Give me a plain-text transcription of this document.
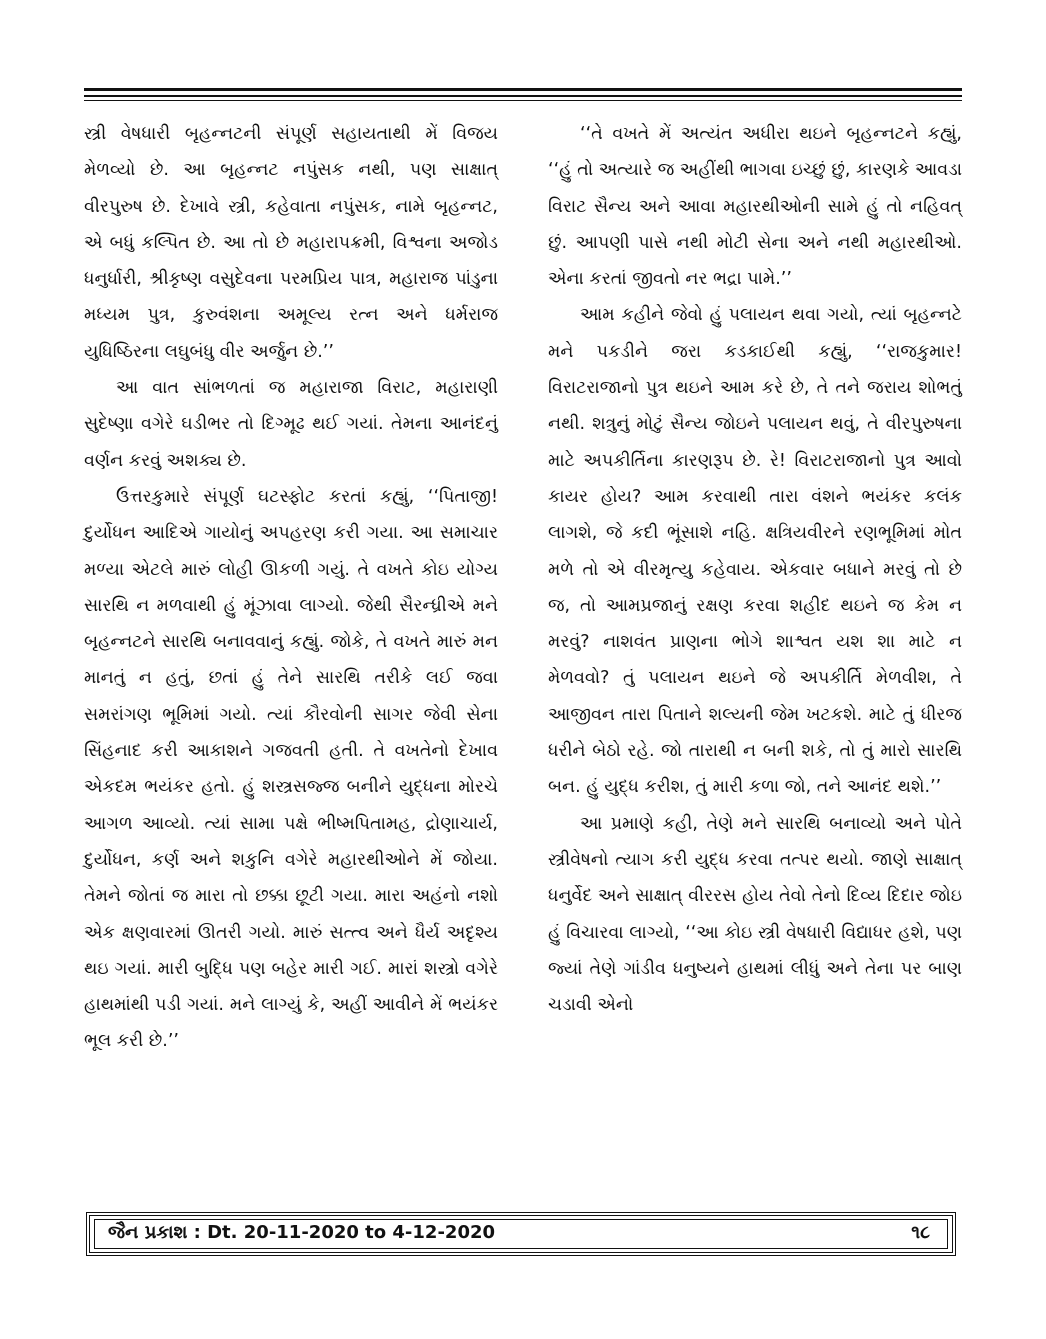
સ્ત્રી વેષધારી બૃહન્નટની સંપૂર્ણ સહાયતાથી મેં વિજય મેળવ્યો છે. આ બૃહન્નટ નપુંસક નથી, પણ સાક્ષાત્ વીરપુરુષ છે. દેખાવે સ્ત્રી, કહેવાતા નપુંસક, નામે બૃહન્નટ, એ બધું કલ્પિત છે. આ તો છે મહારાપક્રમી, વિશ્વના અજોડ ધનુર્ધારી, શ્રીકૃષ્ણ વસુદેવના પરમપ્રિય પાત્ર, મહારાજ પાંડુના મધ્યમ પુત્ર, કુરુવંશના અમૂલ્ય રત્ન અને ધર્મરાજ યુધિષ્ઠિરના લઘુબંધુ વીર અર્જુન છે.’’

આ વાત સાંભળતાં જ મહારાજા વિરાટ, મહારાણી સુદેષ્ણા વગેરે ઘડીભર તો દિગ્મૂઢ થઈ ગયાં. તેમના આનંદનું વર્ણન કરવું અશક્ય છે.

ઉત્તરકુમારે સંપૂર્ણ ઘટસ્ફોટ કરતાં કહ્યું, ‘‘પિતાજી! દુર્યોધન આદિએ ગાયોનું અપહરણ કરી ગયા. આ સમાચાર મળ્યા એટલે મારું લોહી ઊકળી ગયું. તે વખતે કોઇ યોગ્ય સારથિ ન મળવાથી હું મૂંઝાવા લાગ્યો. જેથી સૈરન્ધ્રીએ મને બૃહન્નટને સારથિ બનાવવાનું કહ્યું. જોકે, તે વખતે મારું મન માનતું ન હતું, છતાં હું તેને સારથિ તરીકે લઈ જવા સમરાંગણ ભૂમિમાં ગયો. ત્યાં કૌરવોની સાગર જેવી સેના સિંહનાદ કરી આકાશને ગજવતી હતી. તે વખતેનો દેખાવ એકદમ ભયંકર હતો. હું શસ્ત્રસજ્જ બનીને યુદ્ધના મોરચે આગળ આવ્યો. ત્યાં સામા પક્ષે ભીષ્મપિતામહ, દ્રોણાચાર્ય, દુર્યોધન, કર્ણ અને શકુનિ વગેરે મહારથીઓને મેં જોયા. તેમને જોતાં જ મારા તો છક્કા છૂટી ગયા. મારા અહંનો નશો એક ક્ષણવારમાં ઊતરી ગયો. મારું સત્ત્વ અને ધૈર્ય અદૃશ્ય થઇ ગયાં. મારી બુદ્ધિ પણ બહેર મારી ગઈ. મારાં શસ્ત્રો વગેરે હાથમાંથી પડી ગયાં. મને લાગ્યું કે, અહીં આવીને મેં ભયંકર ભૂલ કરી છે.’’

‘‘તે વખતે મેં અત્યંત અધીરા થઇને બૃહન્નટને કહ્યું, ‘‘હું તો અત્યારે જ અહીંથી ભાગવા ઇચ્છું છું, કારણકે આવડા વિરાટ સૈન્ય અને આવા મહારથીઓની સામે હું તો નહિવત્ છું. આપણી પાસે નથી મોટી સેના અને નથી મહારથીઓ. એના કરતાં જીવતો નર ભદ્રા પામે.’’

આમ કહીને જેવો હું પલાયન થવા ગયો, ત્યાં બૃહન્નટે મને પકડીને જરા કડકાઈથી કહ્યું, ‘‘રાજકુમાર! વિરાટરાજાનો પુત્ર થઇને આમ કરે છે, તે તને જરાય શોભતું નથી. શત્રુનું મોટું સૈન્ય જોઇને પલાયન થવું, તે વીરપુરુષના માટે અપકીર્તિના કારણરૂપ છે. રે! વિરાટરાજાનો પુત્ર આવો કાયર હોય? આમ કરવાથી તારા વંશને ભયંકર કલંક લાગશે, જે કદી ભૂંસાશે નહિ. ક્ષત્રિયવીરને રણભૂમિમાં મોત મળે તો એ વીરમૃત્યુ કહેવાય. એકવાર બધાને મરવું તો છે જ, તો આમપ્રજાનું રક્ષણ કરવા શહીદ થઇને જ કેમ ન મરવું? નાશવંત પ્રાણના ભોગે શાશ્વત યશ શા માટે ન મેળવવો? તું પલાયન થઇને જે અપકીર્તિ મેળવીશ, તે આજીવન તારા પિતાને શલ્યની જેમ ખટકશે. માટે તું ધીરજ ધરીને બેઠો રહે. જો તારાથી ન બની શકે, તો તું મારો સારથિ બન. હું યુદ્ધ કરીશ, તું મારી કળા જો, તને આનંદ થશે.’’

આ પ્રમાણે કહી, તેણે મને સારથિ બનાવ્યો અને પોતે સ્ત્રીવેષનો ત્યાગ કરી યુદ્ધ કરવા તત્પર થયો. જાણે સાક્ષાત્ ધનુર્વેદ અને સાક્ષાત્ વીરરસ હોય તેવો તેનો દિવ્ય દિદાર જોઇ હું વિચારવા લાગ્યો, ‘‘આ કોઇ સ્ત્રી વેષધારી વિદ્યાધર હશે, પણ જ્યાં તેણે ગાંડીવ ધનુષ્યને હાથમાં લીધું અને તેના પર બાણ ચડાવી એનો

જૈન પ્રકાશ : Dt. 20-11-2020 to 4-12-2020	૧૮
